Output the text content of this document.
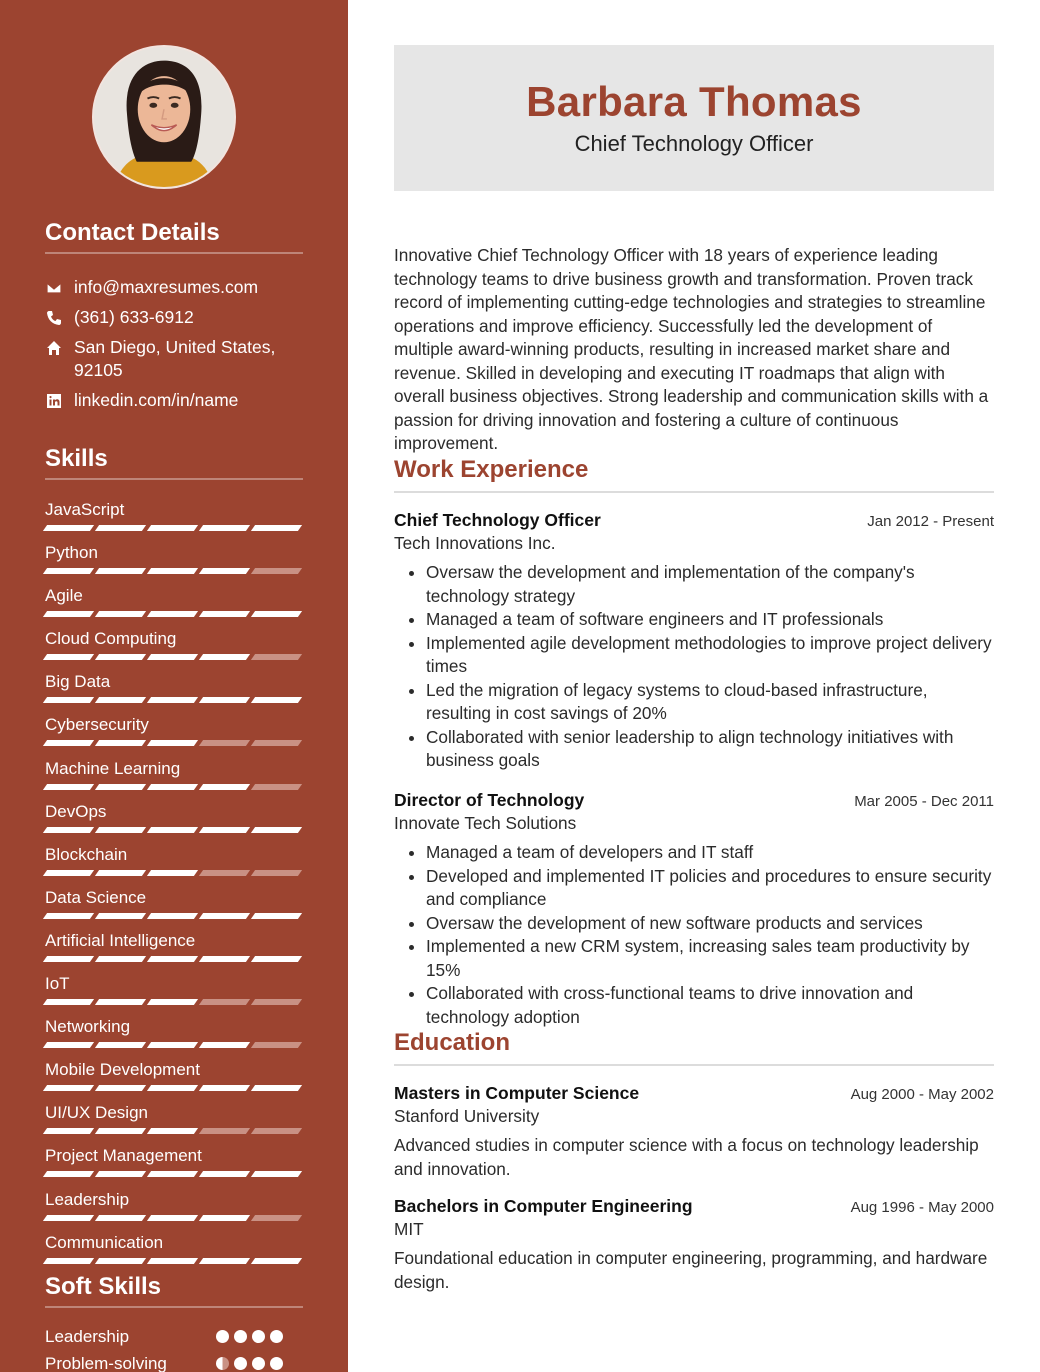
Contact Details
info@maxresumes.com
(361) 633-6912
San Diego, United States, 92105
linkedin.com/in/name
Skills
JavaScript
Python
Agile
Cloud Computing
Big Data
Cybersecurity
Machine Learning
DevOps
Blockchain
Data Science
Artificial Intelligence
IoT
Networking
Mobile Development
UI/UX Design
Project Management
Leadership
Communication
Soft Skills
Leadership
Problem-solving
Barbara Thomas
Chief Technology Officer
Innovative Chief Technology Officer with 18 years of experience leading technology teams to drive business growth and transformation. Proven track record of implementing cutting-edge technologies and strategies to streamline operations and improve efficiency. Successfully led the development of multiple award-winning products, resulting in increased market share and revenue. Skilled in developing and executing IT roadmaps that align with overall business objectives. Strong leadership and communication skills with a passion for driving innovation and fostering a culture of continuous improvement.
Work Experience
Chief Technology Officer	Jan 2012 - Present
Tech Innovations Inc.
• Oversaw the development and implementation of the company's technology strategy
• Managed a team of software engineers and IT professionals
• Implemented agile development methodologies to improve project delivery times
• Led the migration of legacy systems to cloud-based infrastructure, resulting in cost savings of 20%
• Collaborated with senior leadership to align technology initiatives with business goals
Director of Technology	Mar 2005 - Dec 2011
Innovate Tech Solutions
• Managed a team of developers and IT staff
• Developed and implemented IT policies and procedures to ensure security and compliance
• Oversaw the development of new software products and services
• Implemented a new CRM system, increasing sales team productivity by 15%
• Collaborated with cross-functional teams to drive innovation and technology adoption
Education
Masters in Computer Science	Aug 2000 - May 2002
Stanford University
Advanced studies in computer science with a focus on technology leadership and innovation.
Bachelors in Computer Engineering	Aug 1996 - May 2000
MIT
Foundational education in computer engineering, programming, and hardware design.
